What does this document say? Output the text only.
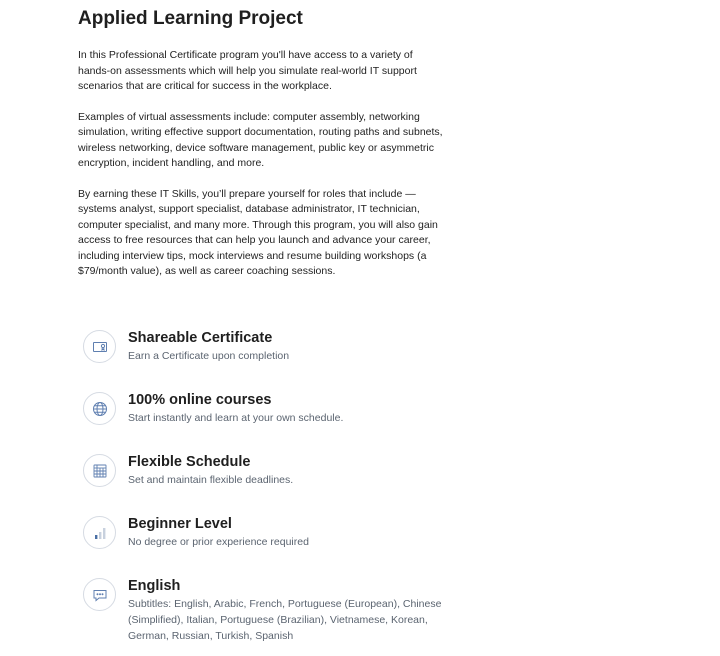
Applied Learning Project

In this Professional Certificate program you'll have access to a variety of hands-on assessments which will help you simulate real-world IT support scenarios that are critical for success in the workplace.

Examples of virtual assessments include: computer assembly, networking simulation, writing effective support documentation, routing paths and subnets, wireless networking, device software management, public key or asymmetric encryption, incident handling, and more.

By earning these IT Skills, you’ll prepare yourself for roles that include — systems analyst, support specialist, database administrator, IT technician, computer specialist, and many more. Through this program, you will also gain access to free resources that can help you launch and advance your career, including interview tips, mock interviews and resume building workshops (a $79/month value), as well as career coaching sessions.

Shareable Certificate
Earn a Certificate upon completion
100% online courses
Start instantly and learn at your own schedule.
Flexible Schedule
Set and maintain flexible deadlines.
Beginner Level
No degree or prior experience required
English
Subtitles: English, Arabic, French, Portuguese (European), Chinese (Simplified), Italian, Portuguese (Brazilian), Vietnamese, Korean, German, Russian, Turkish, Spanish
